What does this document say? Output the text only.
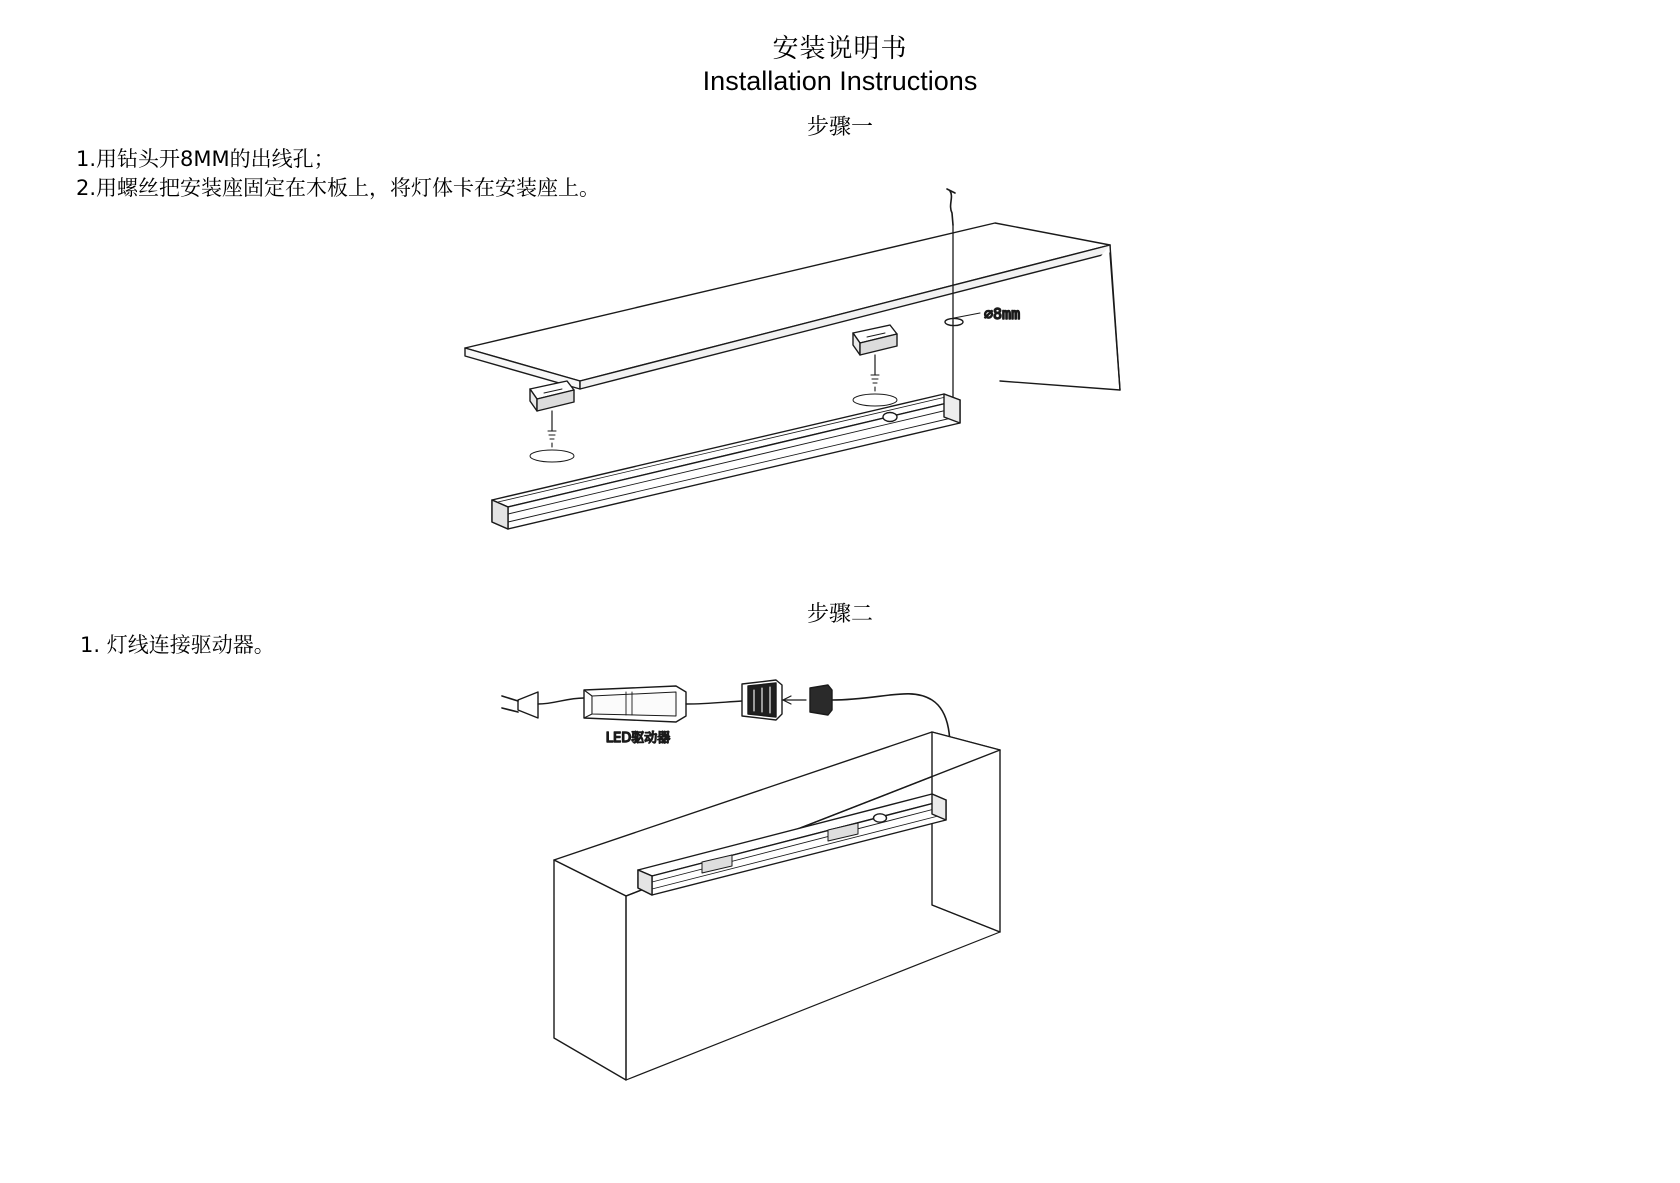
安装说明书
Installation Instructions
步骤一
1.用钻头开8MM的出线孔；
2.用螺丝把安装座固定在木板上，将灯体卡在安装座上。
⌀8mm
步骤二
1. 灯线连接驱动器。
LED驱动器
